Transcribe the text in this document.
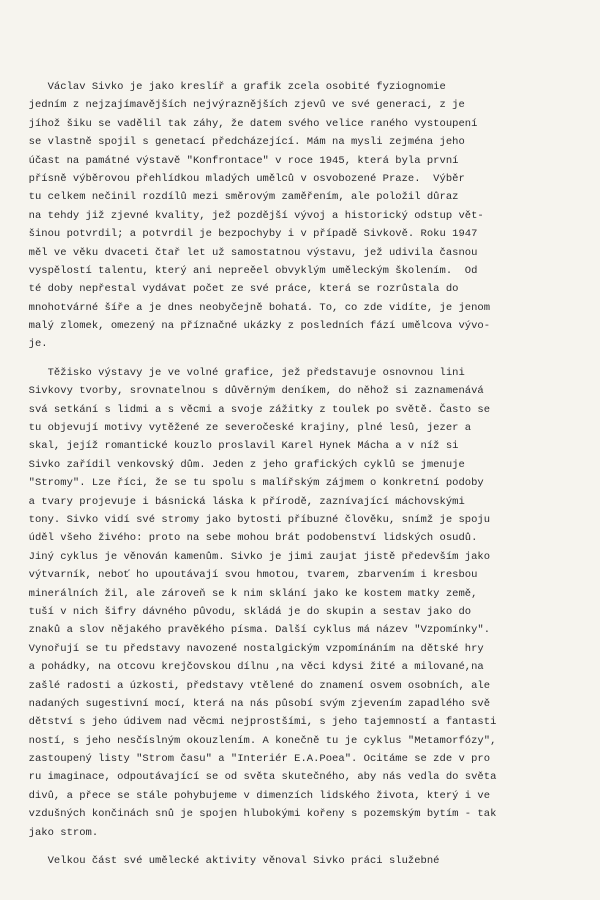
Václav Sivko je jako kreslíř a grafik zcela osobité fyziognomie
jedním z nejzajímavějších nejvýraznějších zjevů ve své generaci, z je
jíhož šiku se vadělil tak záhy, že datem svého velice raného vystoupení
se vlastně spojil s genetací předcházející. Mám na mysli zejména jeho
účast na památné výstavě "Konfrontace" v roce 1945, která byla první
přísně výběrovou přehlídkou mladých umělců v osvobozené Praze.  Výběr
tu celkem nečinil rozdílů mezi směrovým zaměřením, ale položil důraz
na tehdy již zjevné kvality, jež pozdější vývoj a historický odstup vět-
šinou potvrdil; a potvrdil je bezpochyby i v případě Sivkově. Roku 1947
měl ve věku dvaceti čtař let už samostatnou výstavu, jež udivila časnou
vyspělostí talentu, který ani nepreěel obvyklým uměleckým školením.  Od
té doby nepřestal vydávat počet ze své práce, která se rozrůstala do
mnohotvárné šíře a je dnes neobyčejně bohatá. To, co zde vidíte, je jenom
malý zlomek, omezený na příznačné ukázky z posledních fází umělcova vývo-
je.
Těžisko výstavy je ve volné grafice, jež představuje osnovnou lini
Sivkovy tvorby, srovnatelnou s důvěrným deníkem, do něhož si zaznamenává
svá setkání s lidmi a s věcmi a svoje zážitky z toulek po světě. Často se
tu objevují motivy vytěžené ze severočeské krajiny, plné lesů, jezer a
skal, jejíž romantické kouzlo proslavil Karel Hynek Mácha a v níž si
Sivko zařídil venkovský dům. Jeden z jeho grafických cyklů se jmenuje
"Stromy". Lze říci, že se tu spolu s malířským zájmem o konkretní podoby
a tvary projevuje i básnická láska k přírodě, zaznívající máchovskými
tony. Sivko vidí své stromy jako bytosti příbuzné člověku, snímž je spoju
úděl všeho živého: proto na sebe mohou brát podobenství lidských osudů.
Jiný cyklus je věnován kamenům. Sivko je jimi zaujat jistě především jako
výtvarník, neboť ho upoutávají svou hmotou, tvarem, zbarvením i kresbou
minerálních žil, ale zároveň se k nim sklání jako ke kostem matky země,
tuší v nich šifry dávného původu, skládá je do skupin a sestav jako do
znaků a slov nějakého pravěkého písma. Další cyklus má název "Vzpomínky".
Vynořují se tu představy navozené nostalgickým vzpomínáním na dětské hry
a pohádky, na otcovu krejčovskou dílnu ,na věci kdysi žité a milované,na
zašlé radosti a úzkosti, představy vtělené do znamení osvem osobních, ale
nadaných sugestivní mocí, která na nás působí svým zjevením zapadlého svě
dětství s jeho údivem nad věcmi nejprostšími, s jeho tajemností a fantasti
ností, s jeho nesčíslným okouzlením. A konečně tu je cyklus "Metamorfózy",
zastoupený listy "Strom času" a "Interiér E.A.Poea". Ocitáme se zde v pro
ru imaginace, odpoutávající se od světa skutečného, aby nás vedla do světa
divů, a přece se stále pohybujeme v dimenzích lidského života, který i ve
vzdušných končinách snů je spojen hlubokými kořeny s pozemským bytím - tak
jako strom.
Velkou část své umělecké aktivity věnoval Sivko práci služebné
